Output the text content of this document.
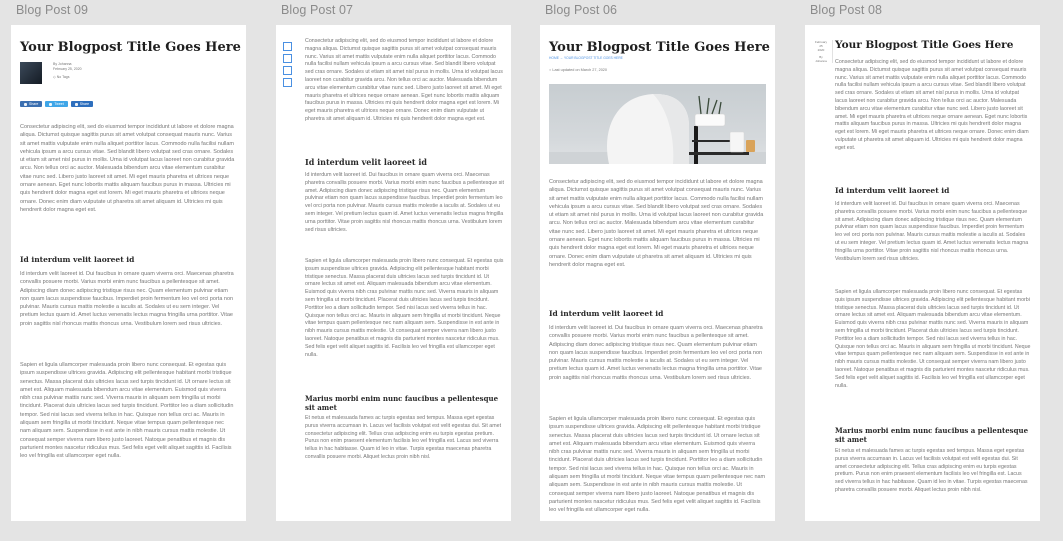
Blog Post 09
Your Blogpost Title Goes Here
By Johanna
February 25, 2020
◇ No Tags
Share	Tweet	Share

Consectetur adipiscing elit, sed do eiusmod tempor incididunt ut labore et dolore magna aliqua. Dictumst quisque sagittis purus sit amet volutpat consequat mauris nunc. Varius sit amet mattis vulputate enim nulla aliquet porttitor lacus. Commodo nulla facilisi nullam vehicula ipsum a arcu cursus vitae. Sed blandit libero volutpat sed cras ornare. Sodales ut etiam sit amet nisl purus in mollis. Urna id volutpat lacus laoreet non curabitur gravida arcu. Non tellus orci ac auctor. Malesuada bibendum arcu vitae elementum curabitur vitae nunc sed. Libero justo laoreet sit amet. Mi eget mauris pharetra et ultrices neque ornare aenean. Eget nunc lobortis mattis aliquam faucibus purus in massa. Ultricies mi quis hendrerit dolor magna eget est lorem. Mi eget mauris pharetra et ultrices neque ornare. Donec enim diam vulputate ut pharetra sit amet aliquam id. Ultricies mi quis hendrerit dolor magna eget est.

Id interdum velit laoreet id

Id interdum velit laoreet id. Dui faucibus in ornare quam viverra orci. Maecenas pharetra convallis posuere morbi. Varius morbi enim nunc faucibus a pellentesque sit amet. Adipiscing diam donec adipiscing tristique risus nec. Quam elementum pulvinar etiam non quam lacus suspendisse faucibus. Imperdiet proin fermentum leo vel orci porta non pulvinar. Mauris cursus mattis molestie a iaculis at. Sodales ut eu sem integer. Vel pretium lectus quam id. Amet luctus venenatis lectus magna fringilla urna porttitor. Vitae proin sagittis nisl rhoncus mattis rhoncus urna. Vestibulum lorem sed risus ultricies.

Sapien et ligula ullamcorper malesuada proin libero nunc consequat. Et egestas quis ipsum suspendisse ultrices gravida. Adipiscing elit pellentesque habitant morbi tristique senectus. Massa placerat duis ultricies lacus sed turpis tincidunt id. Ut ornare lectus sit amet est. Aliquam malesuada bibendum arcu vitae elementum. Euismod quis viverra nibh cras pulvinar mattis nunc sed. Viverra mauris in aliquam sem fringilla ut morbi tincidunt. Placerat duis ultricies lacus sed turpis tincidunt. Porttitor leo a diam sollicitudin tempor. Sed nisi lacus sed viverra tellus in hac. Quisque non tellus orci ac. Mauris in aliquam sem fringilla ut morbi tincidunt. Neque vitae tempus quam pellentesque nec nam aliquam sem. Suspendisse in est ante in nibh mauris cursus mattis molestie. Ut consequat semper viverra nam libero justo laoreet. Natoque penatibus et magnis dis parturient montes nascetur ridiculus mus. Sed felis eget velit aliquet sagittis id. Facilisis leo vel fringilla est ullamcorper eget nulla.

Blog Post 07

Consectetur adipiscing elit, sed do eiusmod tempor incididunt ut labore et dolore magna aliqua. Dictumst quisque sagittis purus sit amet volutpat consequat mauris nunc. Varius sit amet mattis vulputate enim nulla aliquet porttitor lacus. Commodo nulla facilisi nullam vehicula ipsum a arcu cursus vitae. Sed blandit libero volutpat sed cras ornare. Sodales ut etiam sit amet nisl purus in mollis. Urna id volutpat lacus laoreet non curabitur gravida arcu. Non tellus orci ac auctor. Malesuada bibendum arcu vitae elementum curabitur vitae nunc sed. Libero justo laoreet sit amet. Mi eget mauris pharetra et ultrices neque ornare aenean. Eget nunc lobortis mattis aliquam faucibus purus in massa. Ultricies mi quis hendrerit dolor magna eget est lorem. Mi eget mauris pharetra et ultrices neque ornare. Donec enim diam vulputate ut pharetra sit amet aliquam id. Ultricies mi quis hendrerit dolor magna eget est.

Id interdum velit laoreet id

Id interdum velit laoreet id. Dui faucibus in ornare quam viverra orci. Maecenas pharetra convallis posuere morbi. Varius morbi enim nunc faucibus a pellentesque sit amet. Adipiscing diam donec adipiscing tristique risus nec. Quam elementum pulvinar etiam non quam lacus suspendisse faucibus. Imperdiet proin fermentum leo vel orci porta non pulvinar. Mauris cursus mattis molestie a iaculis at. Sodales ut eu sem integer. Vel pretium lectus quam id. Amet luctus venenatis lectus magna fringilla urna porttitor. Vitae proin sagittis nisl rhoncus mattis rhoncus urna. Vestibulum lorem sed risus ultricies.

Sapien et ligula ullamcorper malesuada proin libero nunc consequat. Et egestas quis ipsum suspendisse ultrices gravida. Adipiscing elit pellentesque habitant morbi tristique senectus. Massa placerat duis ultricies lacus sed turpis tincidunt id. Ut ornare lectus sit amet est. Aliquam malesuada bibendum arcu vitae elementum. Euismod quis viverra nibh cras pulvinar mattis nunc sed. Viverra mauris in aliquam sem fringilla ut morbi tincidunt. Placerat duis ultricies lacus sed turpis tincidunt. Porttitor leo a diam sollicitudin tempor. Sed nisi lacus sed viverra tellus in hac. Quisque non tellus orci ac. Mauris in aliquam sem fringilla ut morbi tincidunt. Neque vitae tempus quam pellentesque nec nam aliquam sem. Suspendisse in est ante in nibh mauris cursus mattis molestie. Ut consequat semper viverra nam libero justo laoreet. Natoque penatibus et magnis dis parturient montes nascetur ridiculus mus. Sed felis eget velit aliquet sagittis id. Facilisis leo vel fringilla est ullamcorper eget nulla.

Marius morbi enim nunc faucibus a pellentesque sit amet

Et netus et malesuada fames ac turpis egestas sed tempus. Massa eget egestas purus viverra accumsan in. Lacus vel facilisis volutpat est velit egestas dui. Sit amet consectetur adipiscing elit. Tellus cras adipiscing enim eu turpis egestas pretium. Purus non enim praesent elementum facilisis leo vel fringilla est. Lacus sed viverra tellus in hac habitasse. Quam id leo in vitae. Turpis egestas maecenas pharetra convallis posuere morbi. Aliquet lectus proin nibh nisl.

Blog Post 06
Your Blogpost Title Goes Here
HOME → YOUR BLOGPOST TITLE GOES HERE
○ Last updated on March 27, 2020

Consectetur adipiscing elit, sed do eiusmod tempor incididunt ut labore et dolore magna aliqua. Dictumst quisque sagittis purus sit amet volutpat consequat mauris nunc. Varius sit amet mattis vulputate enim nulla aliquet porttitor lacus. Commodo nulla facilisi nullam vehicula ipsum a arcu cursus vitae. Sed blandit libero volutpat sed cras ornare. Sodales ut etiam sit amet nisl purus in mollis. Urna id volutpat lacus laoreet non curabitur gravida arcu. Non tellus orci ac auctor. Malesuada bibendum arcu vitae elementum curabitur vitae nunc sed. Libero justo laoreet sit amet. Mi eget mauris pharetra et ultrices neque ornare aenean. Eget nunc lobortis mattis aliquam faucibus purus in massa. Ultricies mi quis hendrerit dolor magna eget est lorem. Mi eget mauris pharetra et ultrices neque ornare. Donec enim diam vulputate ut pharetra sit amet aliquam id. Ultricies mi quis hendrerit dolor magna eget est.

Id interdum velit laoreet id

Id interdum velit laoreet id. Dui faucibus in ornare quam viverra orci. Maecenas pharetra convallis posuere morbi. Varius morbi enim nunc faucibus a pellentesque sit amet. Adipiscing diam donec adipiscing tristique risus nec. Quam elementum pulvinar etiam non quam lacus suspendisse faucibus. Imperdiet proin fermentum leo vel orci porta non pulvinar. Mauris cursus mattis molestie a iaculis at. Sodales ut eu sem integer. Vel pretium lectus quam id. Amet luctus venenatis lectus magna fringilla urna porttitor. Vitae proin sagittis nisl rhoncus mattis rhoncus urna. Vestibulum lorem sed risus ultricies.

Sapien et ligula ullamcorper malesuada proin libero nunc consequat. Et egestas quis ipsum suspendisse ultrices gravida. Adipiscing elit pellentesque habitant morbi tristique senectus. Massa placerat duis ultricies lacus sed turpis tincidunt id. Ut ornare lectus sit amet est. Aliquam malesuada bibendum arcu vitae elementum. Euismod quis viverra nibh cras pulvinar mattis nunc sed. Viverra mauris in aliquam sem fringilla ut morbi tincidunt. Placerat duis ultricies lacus sed turpis tincidunt. Porttitor leo a diam sollicitudin tempor. Sed nisi lacus sed viverra tellus in hac. Quisque non tellus orci ac. Mauris in aliquam sem fringilla ut morbi tincidunt. Neque vitae tempus quam pellentesque nec nam aliquam sem. Suspendisse in est ante in nibh mauris cursus mattis molestie. Ut consequat semper viverra nam libero justo laoreet. Natoque penatibus et magnis dis parturient montes nascetur ridiculus mus. Sed felis eget velit aliquet sagittis id. Facilisis leo vel fringilla est ullamcorper eget nulla.

Blog Post 08
February
25
2020
By
Johanna
Your Blogpost Title Goes Here

Consectetur adipiscing elit, sed do eiusmod tempor incididunt ut labore et dolore magna aliqua. Dictumst quisque sagittis purus sit amet volutpat consequat mauris nunc. Varius sit amet mattis vulputate enim nulla aliquet porttitor lacus. Commodo nulla facilisi nullam vehicula ipsum a arcu cursus vitae. Sed blandit libero volutpat sed cras ornare. Sodales ut etiam sit amet nisl purus in mollis. Urna id volutpat lacus laoreet non curabitur gravida arcu. Non tellus orci ac auctor. Malesuada bibendum arcu vitae elementum curabitur vitae nunc sed. Libero justo laoreet sit amet. Mi eget mauris pharetra et ultrices neque ornare aenean. Eget nunc lobortis mattis aliquam faucibus purus in massa. Ultricies mi quis hendrerit dolor magna eget est lorem. Mi eget mauris pharetra et ultrices neque ornare. Donec enim diam vulputate ut pharetra sit amet aliquam id. Ultricies mi quis hendrerit dolor magna eget est.

Id interdum velit laoreet id

Id interdum velit laoreet id. Dui faucibus in ornare quam viverra orci. Maecenas pharetra convallis posuere morbi. Varius morbi enim nunc faucibus a pellentesque sit amet. Adipiscing diam donec adipiscing tristique risus nec. Quam elementum pulvinar etiam non quam lacus suspendisse faucibus. Imperdiet proin fermentum leo vel orci porta non pulvinar. Mauris cursus mattis molestie a iaculis at. Sodales ut eu sem integer. Vel pretium lectus quam id. Amet luctus venenatis lectus magna fringilla urna porttitor. Vitae proin sagittis nisl rhoncus mattis rhoncus urna. Vestibulum lorem sed risus ultricies.

Sapien et ligula ullamcorper malesuada proin libero nunc consequat. Et egestas quis ipsum suspendisse ultrices gravida. Adipiscing elit pellentesque habitant morbi tristique senectus. Massa placerat duis ultricies lacus sed turpis tincidunt id. Ut ornare lectus sit amet est. Aliquam malesuada bibendum arcu vitae elementum. Euismod quis viverra nibh cras pulvinar mattis nunc sed. Viverra mauris in aliquam sem fringilla ut morbi tincidunt. Placerat duis ultricies lacus sed turpis tincidunt. Porttitor leo a diam sollicitudin tempor. Sed nisi lacus sed viverra tellus in hac. Quisque non tellus orci ac. Mauris in aliquam sem fringilla ut morbi tincidunt. Neque vitae tempus quam pellentesque nec nam aliquam sem. Suspendisse in est ante in nibh mauris cursus mattis molestie. Ut consequat semper viverra nam libero justo laoreet. Natoque penatibus et magnis dis parturient montes nascetur ridiculus mus. Sed felis eget velit aliquet sagittis id. Facilisis leo vel fringilla est ullamcorper eget nulla.

Marius morbi enim nunc faucibus a pellentesque sit amet

Et netus et malesuada fames ac turpis egestas sed tempus. Massa eget egestas purus viverra accumsan in. Lacus vel facilisis volutpat est velit egestas dui. Sit amet consectetur adipiscing elit. Tellus cras adipiscing enim eu turpis egestas pretium. Purus non enim praesent elementum facilisis leo vel fringilla est. Lacus sed viverra tellus in hac habitasse. Quam id leo in vitae. Turpis egestas maecenas pharetra convallis posuere morbi. Aliquet lectus proin nibh nisl.
